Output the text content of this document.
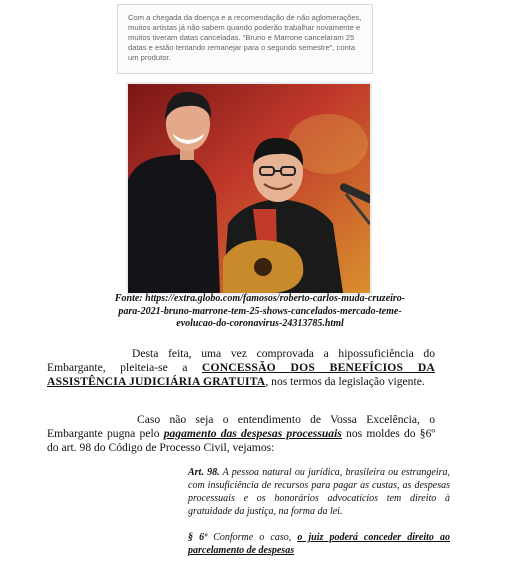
Com a chegada da doença e a recomendação de não aglomerações, muitos artistas já não sabem quando poderão trabalhar novamente e muitos tiveram datas canceladas. “Bruno e Marrone cancelaram 25 datas e estão tentando remanejar para o segundo semestre”, conta um produtor.
Fonte: https://extra.globo.com/famosos/roberto-carlos-muda-cruzeiro-
para-2021-bruno-marrone-tem-25-shows-cancelados-mercado-teme-
evolucao-do-coronavirus-24313785.html
Desta feita, uma vez comprovada a hipossuficiência do Embargante, pleiteia-se a CONCESSÃO DOS BENEFÍCIOS DA ASSISTÊNCIA JUDICIÁRIA GRATUITA, nos termos da legislação vigente.
Caso não seja o entendimento de Vossa Excelência, o Embargante pugna pelo pagamento das despesas processuais nos moldes do §6º do art. 98 do Código de Processo Civil, vejamos:
Art. 98. A pessoa natural ou jurídica, brasileira ou estrangeira, com insuficiência de recursos para pagar as custas, as despesas processuais e os honorários advocatícios tem direito à gratuidade da justiça, na forma da lei.
§ 6º Conforme o caso, o juiz poderá conceder direito ao parcelamento de despesas
